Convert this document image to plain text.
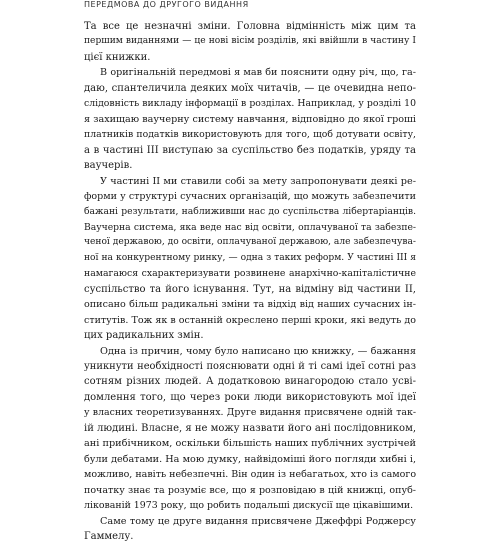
ПЕРЕДМОВА ДО ДРУГОГО ВИДАННЯ
Та все це незначні зміни. Головна відмінність між цим та
першим виданнями — це нові вісім розділів, які ввійшли в частину І
цієї книжки.
В оригінальній передмові я мав би пояснити одну річ, що, га-
даю, спантеличила деяких моїх читачів, — це очевидна непо-
слідовність викладу інформації в розділах. Наприклад, у розділі 10
я захищаю ваучерну систему навчання, відповідно до якої гроші
платників податків використовують для того, щоб дотувати освіту,
а в частині III виступаю за суспільство без податків, уряду та
ваучерів.
У частині II ми ставили собі за мету запропонувати деякі ре-
форми у структурі сучасних організацій, що можуть забезпечити
бажані результати, наближивши нас до суспільства лібертаріанців.
Ваучерна система, яка веде нас від освіти, оплачуваної та забезпе-
ченої державою, до освіти, оплачуваної державою, але забезпечува-
ної на конкурентному ринку, — одна з таких реформ. У частині III я
намагаюся схарактеризувати розвинене анархічно-капіталістичне
суспільство та його існування. Тут, на відміну від частини II,
описано більш радикальні зміни та відхід від наших сучасних ін-
ститутів. Тож як в останній окреслено перші кроки, які ведуть до
цих радикальних змін.
Одна із причин, чому було написано цю книжку, — бажання
уникнути необхідності пояснювати одні й ті самі ідеї сотні раз
сотням різних людей. А додатковою винагородою стало усві-
домлення того, що через роки люди використовують мої ідеї
у власних теоретизуваннях. Друге видання присвячене одній так-
ій людині. Власне, я не можу назвати його ані послідовником,
ані прибічником, оскільки більшість наших публічних зустрічей
були дебатами. На мою думку, найвідоміші його погляди хибні і,
можливо, навіть небезпечні. Він один із небагатьох, хто із самого
початку знає та розуміє все, що я розповідаю в цій книжці, опуб-
лікованій 1973 року, що робить подальші дискусії ще цікавішими.
Саме тому це друге видання присвячене Джеффрі Роджерсу
Гаммелу.
